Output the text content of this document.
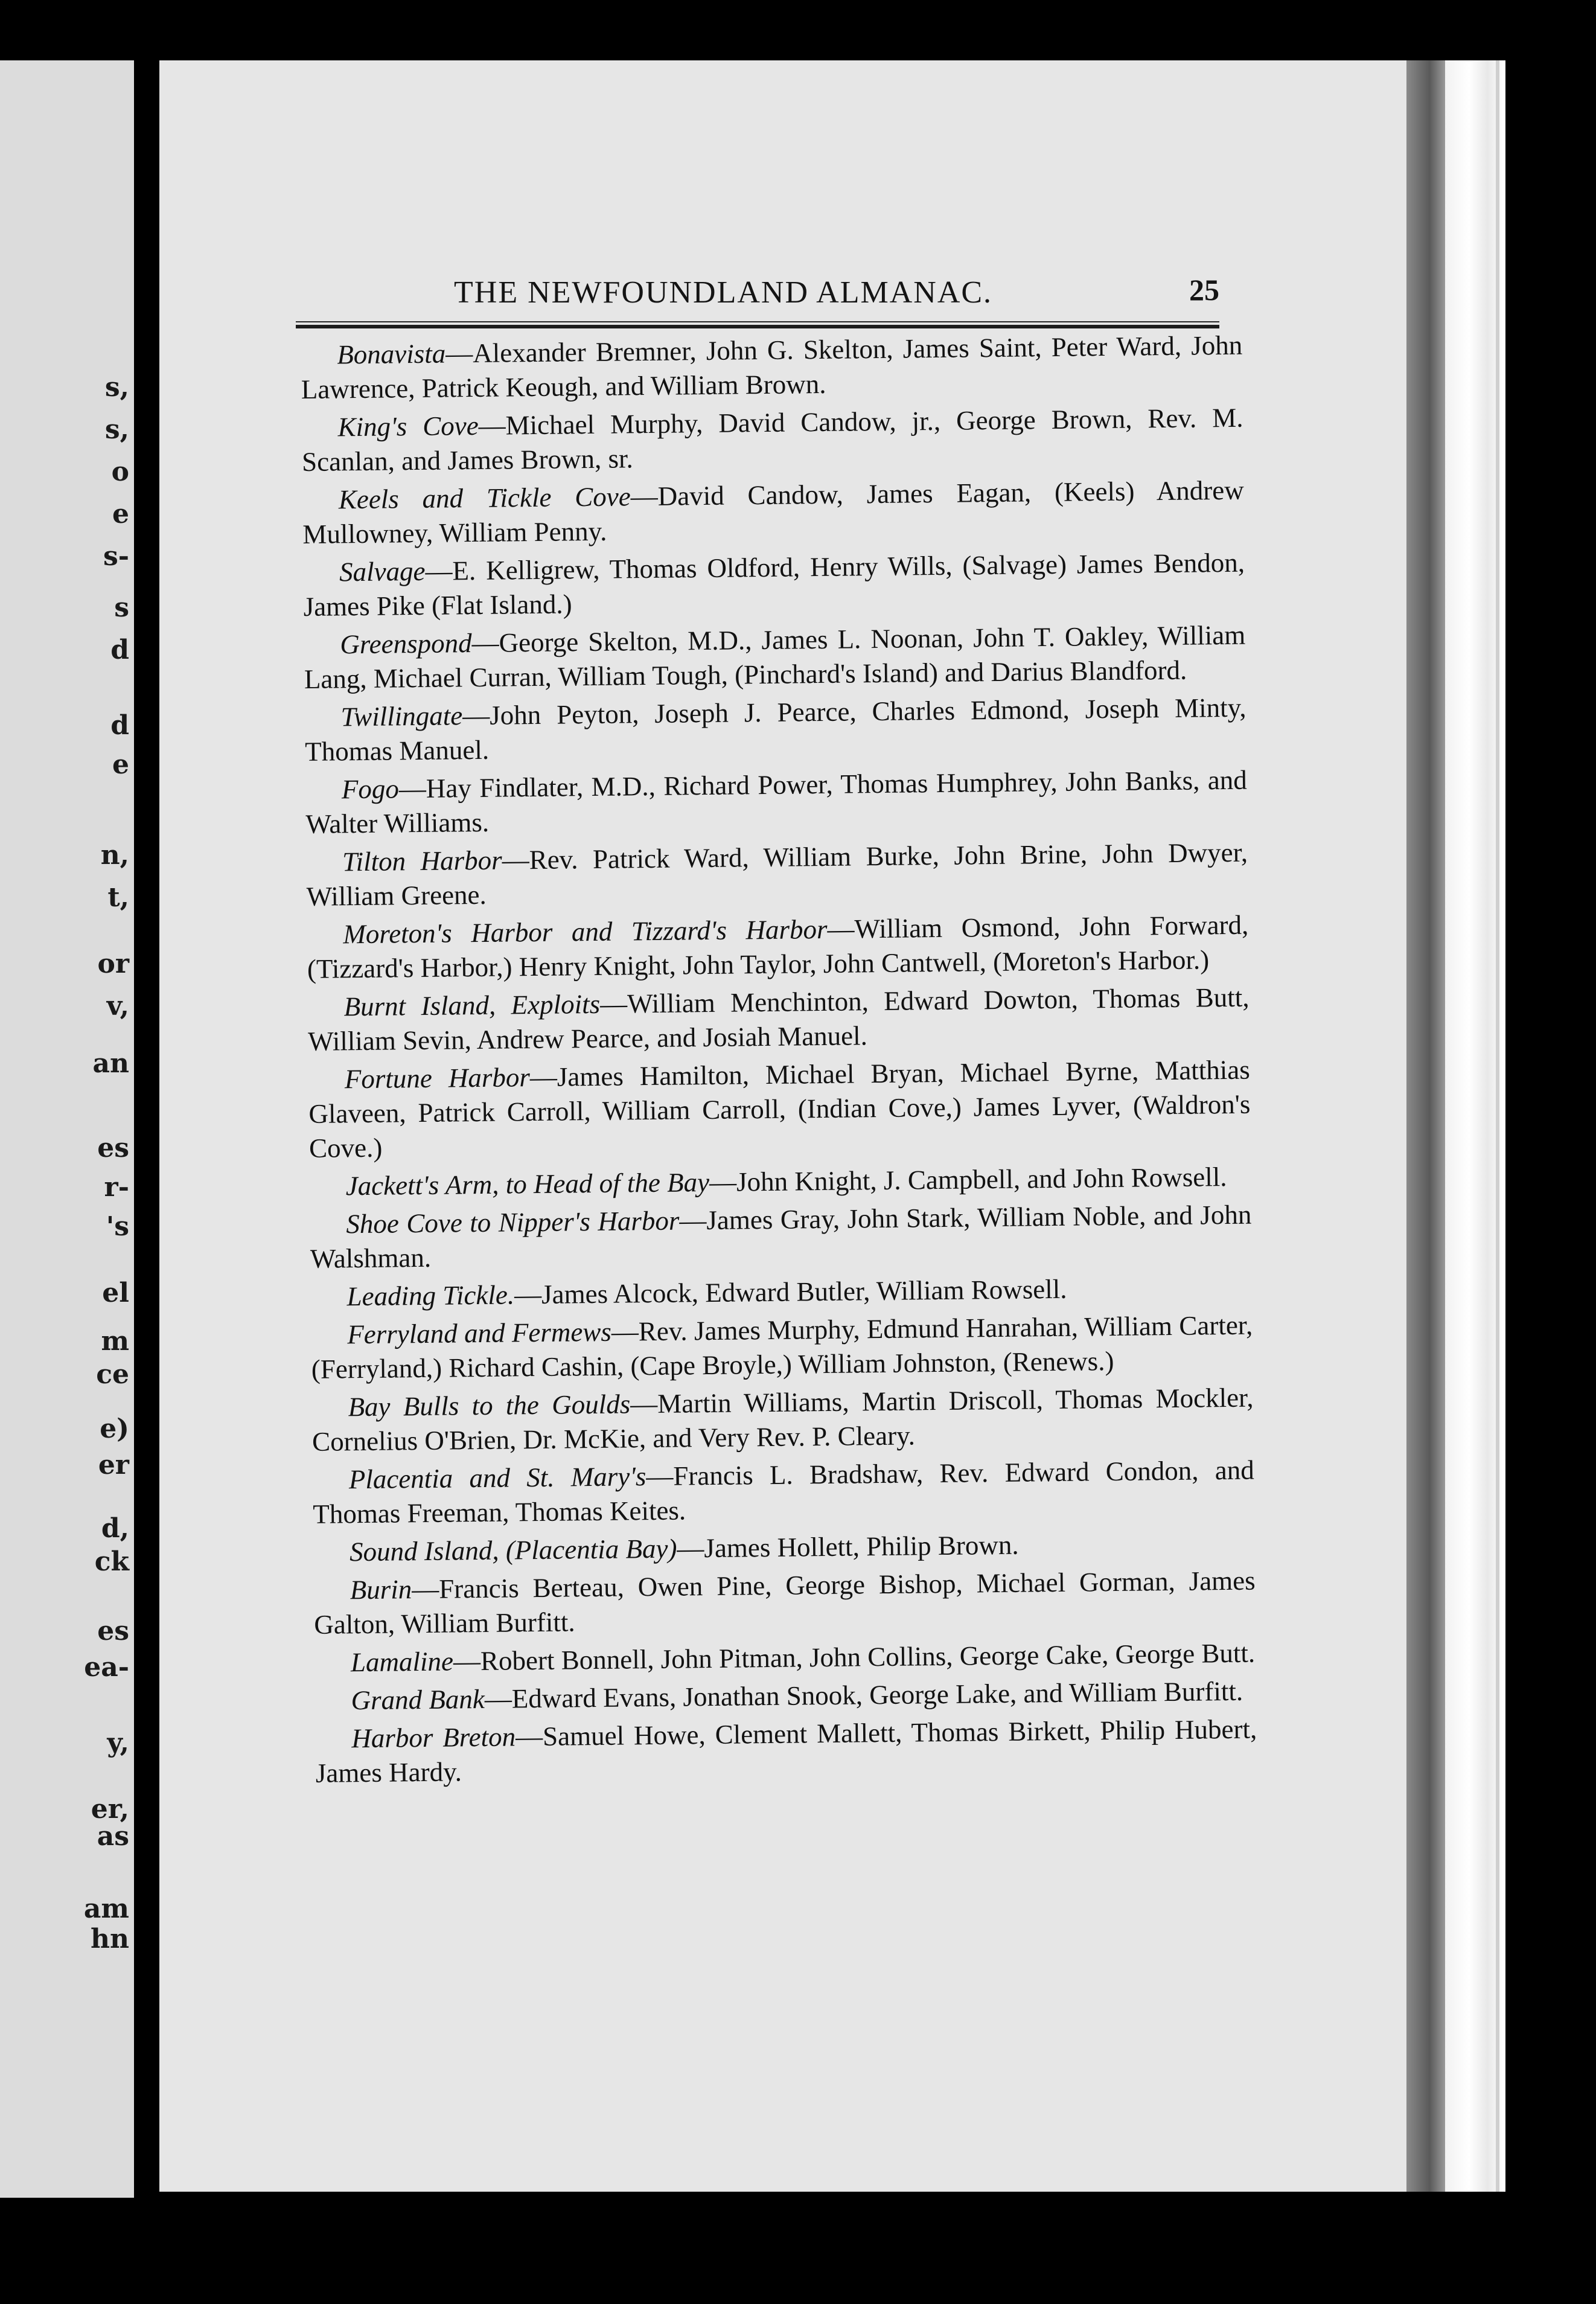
s,
s,
o
e
s-
s
d
d
e
n,
t,
or
v,
an
es
r-
's
el
m
ce
e)
er
d,
ck
es
ea-
y,
er,
as
am
hn
THE NEWFOUNDLAND ALMANAC.	25

Bonavista—Alexander Bremner, John G. Skelton, James Saint, Peter Ward, John Lawrence, Patrick Keough, and William Brown.

King's Cove—Michael Murphy, David Candow, jr., George Brown, Rev. M. Scanlan, and James Brown, sr.

Keels and Tickle Cove—David Candow, James Eagan, (Keels) Andrew Mullowney, William Penny.

Salvage—E. Kelligrew, Thomas Oldford, Henry Wills, (Salvage) James Bendon, James Pike (Flat Island.)

Greenspond—George Skelton, M.D., James L. Noonan, John T. Oakley, William Lang, Michael Curran, William Tough, (Pinchard's Island) and Darius Blandford.

Twillingate—John Peyton, Joseph J. Pearce, Charles Edmond, Joseph Minty, Thomas Manuel.

Fogo—Hay Findlater, M.D., Richard Power, Thomas Humphrey, John Banks, and Walter Williams.

Tilton Harbor—Rev. Patrick Ward, William Burke, John Brine, John Dwyer, William Greene.

Moreton's Harbor and Tizzard's Harbor—William Osmond, John Forward, (Tizzard's Harbor,) Henry Knight, John Taylor, John Cantwell, (Moreton's Harbor.)

Burnt Island, Exploits—William Menchinton, Edward Dowton, Thomas Butt, William Sevin, Andrew Pearce, and Josiah Manuel.

Fortune Harbor—James Hamilton, Michael Bryan, Michael Byrne, Matthias Glaveen, Patrick Carroll, William Carroll, (Indian Cove,) James Lyver, (Waldron's Cove.)

Jackett's Arm, to Head of the Bay—John Knight, J. Campbell, and John Rowsell.

Shoe Cove to Nipper's Harbor—James Gray, John Stark, William Noble, and John Walshman.

Leading Tickle.—James Alcock, Edward Butler, William Rowsell.

Ferryland and Fermews—Rev. James Murphy, Edmund Hanrahan, William Carter, (Ferryland,) Richard Cashin, (Cape Broyle,) William Johnston, (Renews.)

Bay Bulls to the Goulds—Martin Williams, Martin Driscoll, Thomas Mockler, Cornelius O'Brien, Dr. McKie, and Very Rev. P. Cleary.

Placentia and St. Mary's—Francis L. Bradshaw, Rev. Edward Condon, and Thomas Freeman, Thomas Keites.

Sound Island, (Placentia Bay)—James Hollett, Philip Brown.

Burin—Francis Berteau, Owen Pine, George Bishop, Michael Gorman, James Galton, William Burfitt.

Lamaline—Robert Bonnell, John Pitman, John Collins, George Cake, George Butt.

Grand Bank—Edward Evans, Jonathan Snook, George Lake, and William Burfitt.

Harbor Breton—Samuel Howe, Clement Mallett, Thomas Birkett, Philip Hubert, James Hardy.
